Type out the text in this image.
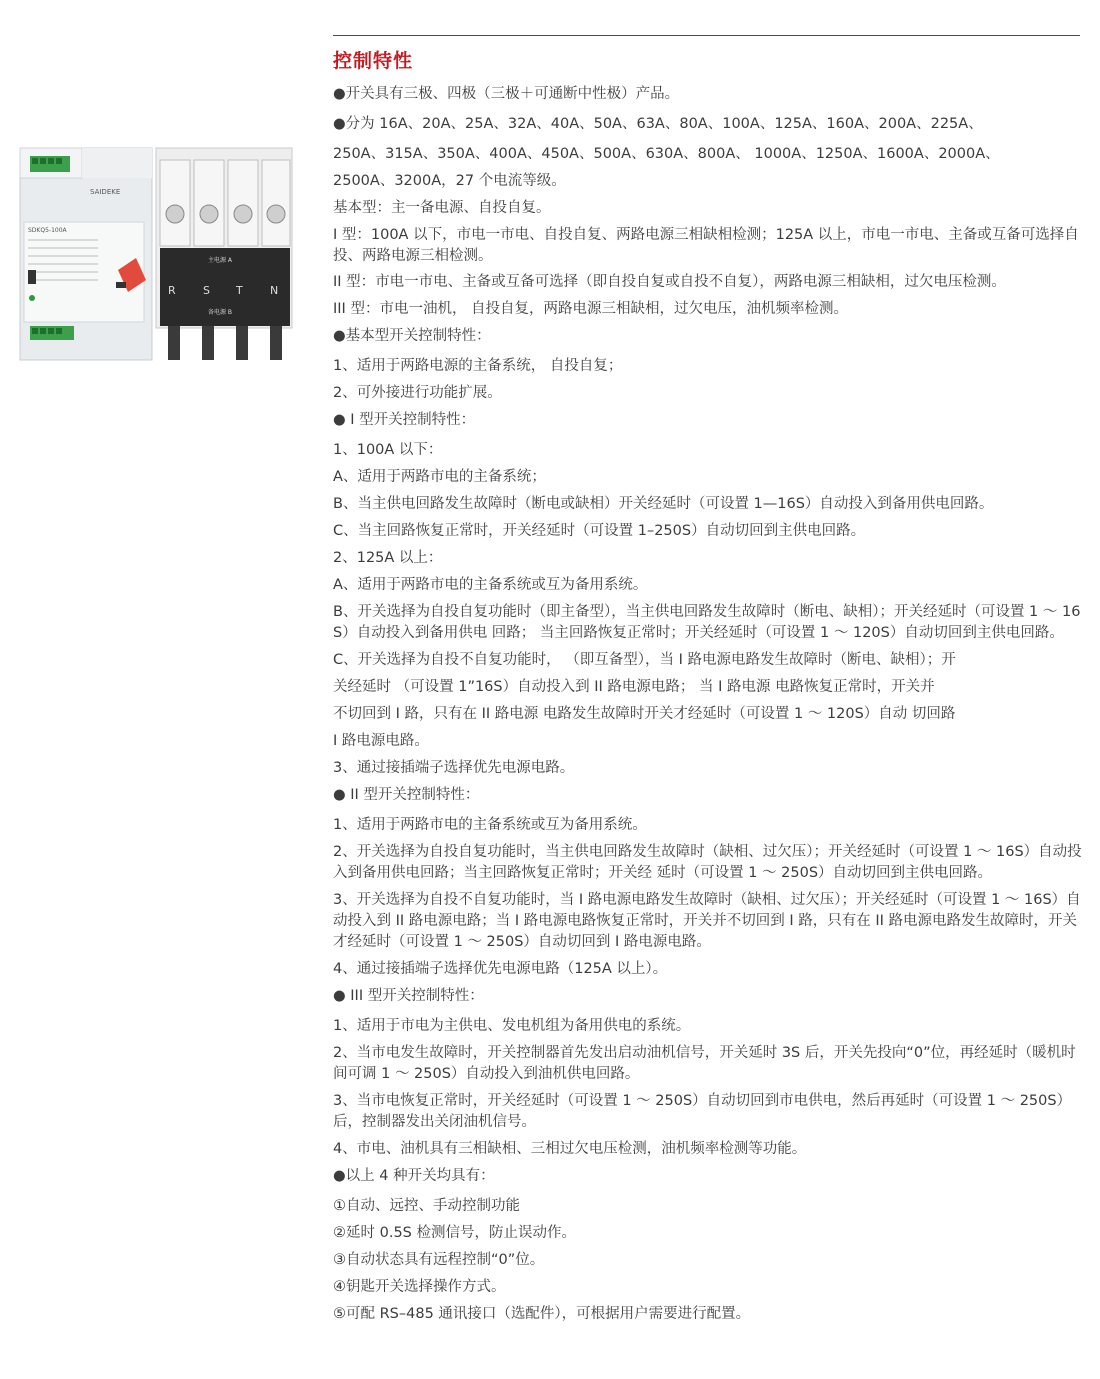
控制特性
SAIDEKE
SDKQ5-100A
主电源 A
R S T N
备电源 B
●开关具有三极、四极（三极＋可通断中性极）产品。
●分为 16A、20A、25A、32A、40A、50A、63A、80A、100A、125A、160A、200A、225A、
250A、315A、350A、400A、450A、500A、630A、800A、 1000A、1250A、1600A、2000A、
2500A、3200A，27 个电流等级。
基本型：主一备电源、自投自复。
I 型：100A 以下，市电一市电、自投自复、两路电源三相缺相检测；125A 以上，市电一市电、主备或互备可选择自投、两路电源三相检测。
II 型：市电一市电、主备或互备可选择（即自投自复或自投不自复），两路电源三相缺相，过欠电压检测。
III 型：市电一油机， 自投自复，两路电源三相缺相，过欠电压，油机频率检测。
●基本型开关控制特性：
1、适用于两路电源的主备系统， 自投自复；
2、可外接进行功能扩展。
● I 型开关控制特性：
1、100A 以下：
A、适用于两路市电的主备系统；
B、当主供电回路发生故障时（断电或缺相）开关经延时（可设置 1—16S）自动投入到备用供电回路。
C、当主回路恢复正常时，开关经延时（可设置 1–250S）自动切回到主供电回路。
2、125A 以上：
A、适用于两路市电的主备系统或互为备用系统。
B、开关选择为自投自复功能时（即主备型），当主供电回路发生故障时（断电、缺相）；开关经延时（可设置 1 ～ 16S）自动投入到备用供电 回路； 当主回路恢复正常时；开关经延时（可设置 1 ～ 120S）自动切回到主供电回路。
C、开关选择为自投不自复功能时， （即互备型），当 I 路电源电路发生故障时（断电、缺相）；开
关经延时 （可设置 1”16S）自动投入到 II 路电源电路； 当 I 路电源 电路恢复正常时，开关并
不切回到 I 路，只有在 II 路电源 电路发生故障时开关才经延时（可设置 1 ～ 120S）自动 切回路
I 路电源电路。
3、通过接插端子选择优先电源电路。
● II 型开关控制特性：
1、适用于两路市电的主备系统或互为备用系统。
2、开关选择为自投自复功能时，当主供电回路发生故障时（缺相、过欠压）；开关经延时（可设置 1 ～ 16S）自动投入到备用供电回路；当主回路恢复正常时；开关经 延时（可设置 1 ～ 250S）自动切回到主供电回路。
3、开关选择为自投不自复功能时，当 I 路电源电路发生故障时（缺相、过欠压）；开关经延时（可设置 1 ～ 16S）自动投入到 II 路电源电路；当 I 路电源电路恢复正常时，开关并不切回到 I 路，只有在 II 路电源电路发生故障时，开关才经延时（可设置 1 ～ 250S）自动切回到 I 路电源电路。
4、通过接插端子选择优先电源电路（125A 以上）。
● III 型开关控制特性：
1、适用于市电为主供电、发电机组为备用供电的系统。
2、当市电发生故障时，开关控制器首先发出启动油机信号，开关延时 3S 后，开关先投向“0”位，再经延时（暖机时间可调 1 ～ 250S）自动投入到油机供电回路。
3、当市电恢复正常时，开关经延时（可设置 1 ～ 250S）自动切回到市电供电，然后再延时（可设置 1 ～ 250S）后，控制器发出关闭油机信号。
4、市电、油机具有三相缺相、三相过欠电压检测，油机频率检测等功能。
●以上 4 种开关均具有：
①自动、远控、手动控制功能
②延时 0.5S 检测信号，防止误动作。
③自动状态具有远程控制“0”位。
④钥匙开关选择操作方式。
⑤可配 RS–485 通讯接口（选配件），可根据用户需要进行配置。
